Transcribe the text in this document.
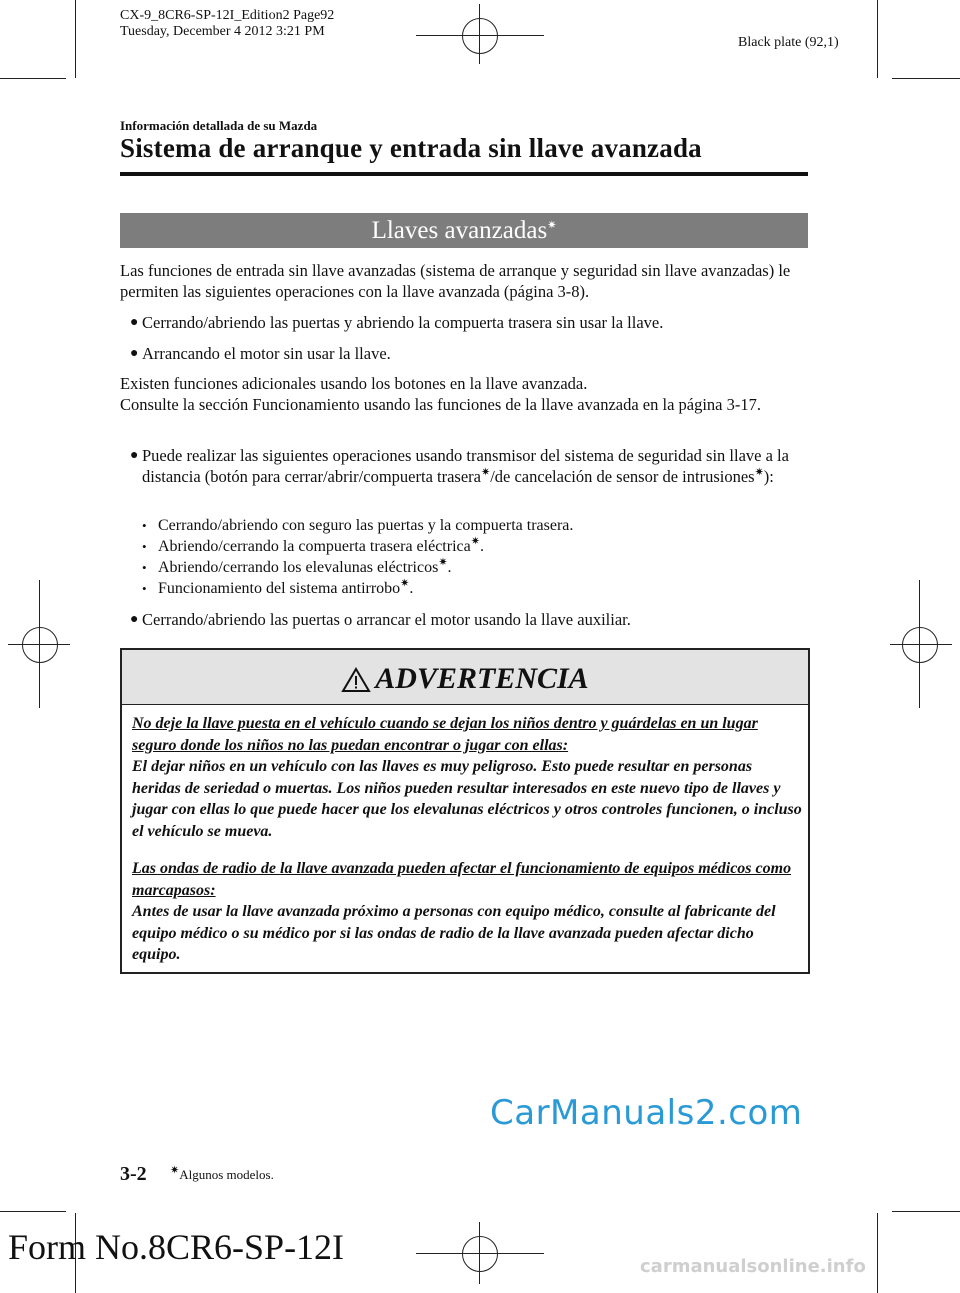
CX-9_8CR6-SP-12I_Edition2 Page92
Tuesday, December 4 2012 3:21 PM
Black plate (92,1)
Información detallada de su Mazda
Sistema de arranque y entrada sin llave avanzada
Llaves avanzadas✷
Las funciones de entrada sin llave avanzadas (sistema de arranque y seguridad sin llave avanzadas) le permiten las siguientes operaciones con la llave avanzada (página 3-8).
● Cerrando/abriendo las puertas y abriendo la compuerta trasera sin usar la llave.
● Arrancando el motor sin usar la llave.
Existen funciones adicionales usando los botones en la llave avanzada.
Consulte la sección Funcionamiento usando las funciones de la llave avanzada en la página 3-17.
● Puede realizar las siguientes operaciones usando transmisor del sistema de seguridad sin llave a la distancia (botón para cerrar/abrir/compuerta trasera✷/de cancelación de sensor de intrusiones✷):
• Cerrando/abriendo con seguro las puertas y la compuerta trasera.
• Abriendo/cerrando la compuerta trasera eléctrica✷.
• Abriendo/cerrando los elevalunas eléctricos✷.
• Funcionamiento del sistema antirrobo✷.
● Cerrando/abriendo las puertas o arrancar el motor usando la llave auxiliar.
ADVERTENCIA
No deje la llave puesta en el vehículo cuando se dejan los niños dentro y guárdelas en un lugar seguro donde los niños no las puedan encontrar o jugar con ellas:
El dejar niños en un vehículo con las llaves es muy peligroso. Esto puede resultar en personas heridas de seriedad o muertas. Los niños pueden resultar interesados en este nuevo tipo de llaves y jugar con ellas lo que puede hacer que los elevalunas eléctricos y otros controles funcionen, o incluso el vehículo se mueva.
Las ondas de radio de la llave avanzada pueden afectar el funcionamiento de equipos médicos como marcapasos:
Antes de usar la llave avanzada próximo a personas con equipo médico, consulte al fabricante del equipo médico o su médico por si las ondas de radio de la llave avanzada pueden afectar dicho equipo.
CarManuals2.com
3-2 ✷Algunos modelos.
Form No.8CR6-SP-12I	carmanualsonline.info
